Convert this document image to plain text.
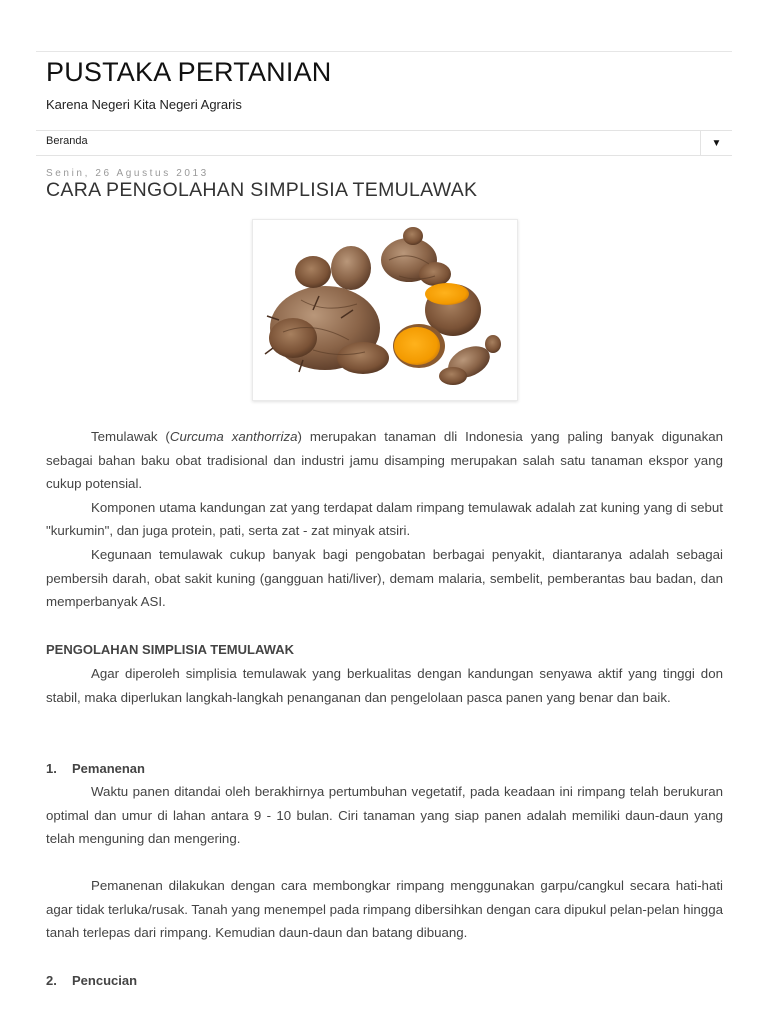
PUSTAKA PERTANIAN
Karena Negeri Kita Negeri Agraris
Beranda	▼
Senin, 26 Agustus 2013
CARA PENGOLAHAN SIMPLISIA TEMULAWAK

Temulawak (Curcuma xanthorriza) merupakan tanaman dli Indonesia yang paling banyak digunakan sebagai bahan baku obat tradisional dan industri jamu disamping merupakan salah satu tanaman ekspor yang cukup potensial.

Komponen utama kandungan zat yang terdapat dalam rimpang temulawak adalah zat kuning yang di sebut "kurkumin", dan juga protein, pati, serta zat - zat minyak atsiri.

Kegunaan temulawak cukup banyak bagi pengobatan berbagai penyakit, diantaranya adalah sebagai pembersih darah, obat sakit kuning (gangguan hati/liver), demam malaria, sembelit, pemberantas bau badan, dan memperbanyak ASI.

PENGOLAHAN SIMPLISIA TEMULAWAK

Agar diperoleh simplisia temulawak yang berkualitas dengan kandungan senyawa aktif yang tinggi don stabil, maka diperlukan langkah-langkah penanganan dan pengelolaan pasca panen yang benar dan baik.

1. Pemanenan

Waktu panen ditandai oleh berakhirnya pertumbuhan vegetatif, pada keadaan ini rimpang telah berukuran optimal dan umur di lahan antara 9 - 10 bulan. Ciri tanaman yang siap panen adalah memiliki daun-daun yang telah menguning dan mengering.

Pemanenan dilakukan dengan cara membongkar rimpang menggunakan garpu/cangkul secara hati-hati agar tidak terluka/rusak. Tanah yang menempel pada rimpang dibersihkan dengan cara dipukul pelan-pelan hingga tanah terlepas dari rimpang. Kemudian daun-daun dan batang dibuang.

2. Pencucian
